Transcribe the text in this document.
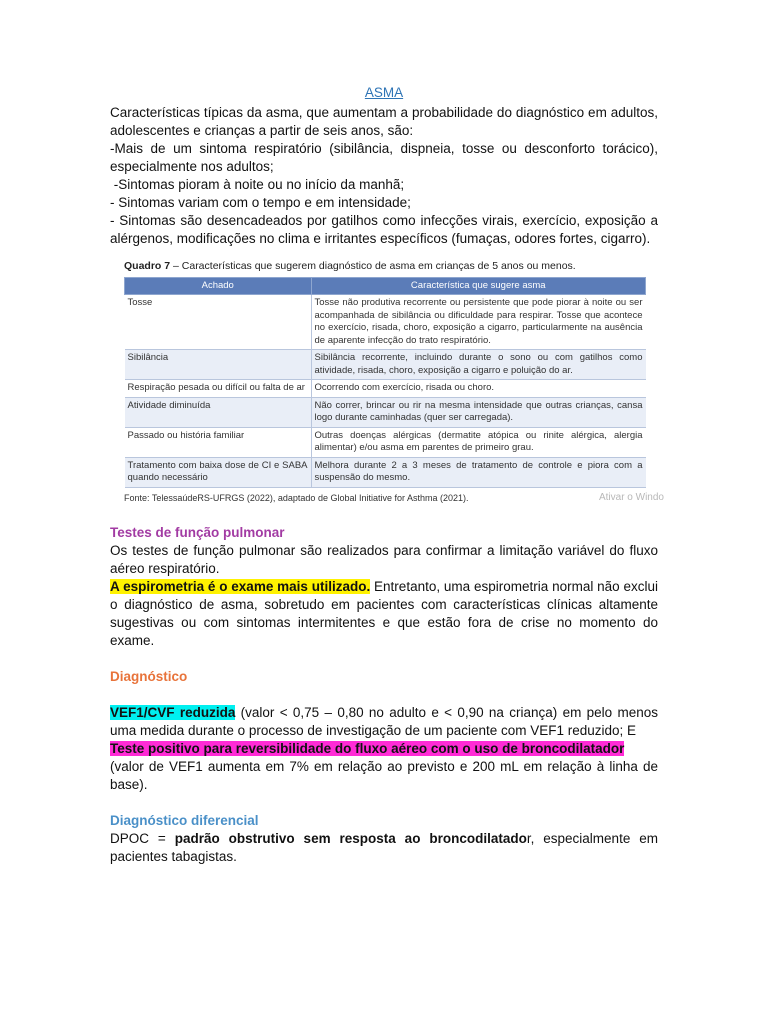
ASMA

Características típicas da asma, que aumentam a probabilidade do diagnóstico em adultos, adolescentes e crianças a partir de seis anos, são:

-Mais de um sintoma respiratório (sibilância, dispneia, tosse ou desconforto torácico), especialmente nos adultos;

-Sintomas pioram à noite ou no início da manhã;

- Sintomas variam com o tempo e em intensidade;

- Sintomas são desencadeados por gatilhos como infecções virais, exercício, exposição a alérgenos, modificações no clima e irritantes específicos (fumaças, odores fortes, cigarro).

Quadro 7 – Características que sugerem diagnóstico de asma em crianças de 5 anos ou menos.
Achado	Característica que sugere asma
Tosse	Tosse não produtiva recorrente ou persistente que pode piorar à noite ou ser acompanhada de sibilância ou dificuldade para respirar. Tosse que acontece no exercício, risada, choro, exposição a cigarro, particularmente na ausência de aparente infecção do trato respiratório.
Sibilância	Sibilância recorrente, incluindo durante o sono ou com gatilhos como atividade, risada, choro, exposição a cigarro e poluição do ar.
Respiração pesada ou difícil ou falta de ar	Ocorrendo com exercício, risada ou choro.
Atividade diminuída	Não correr, brincar ou rir na mesma intensidade que outras crianças, cansa logo durante caminhadas (quer ser carregada).
Passado ou história familiar	Outras doenças alérgicas (dermatite atópica ou rinite alérgica, alergia alimentar) e/ou asma em parentes de primeiro grau.
Tratamento com baixa dose de CI e SABA quando necessário	Melhora durante 2 a 3 meses de tratamento de controle e piora com a suspensão do mesmo.
Fonte: TelessaúdeRS-UFRGS (2022), adaptado de Global Initiative for Asthma (2021).	Ativar o Windo

Testes de função pulmonar

Os testes de função pulmonar são realizados para confirmar a limitação variável do fluxo aéreo respiratório.

A espirometria é o exame mais utilizado. Entretanto, uma espirometria normal não exclui o diagnóstico de asma, sobretudo em pacientes com características clínicas altamente sugestivas ou com sintomas intermitentes e que estão fora de crise no momento do exame.

Diagnóstico

VEF1/CVF reduzida (valor < 0,75 – 0,80 no adulto e < 0,90 na criança) em pelo menos uma medida durante o processo de investigação de um paciente com VEF1 reduzido; E

Teste positivo para reversibilidade do fluxo aéreo com o uso de broncodilatador

(valor de VEF1 aumenta em 7% em relação ao previsto e 200 mL em relação à linha de base).

Diagnóstico diferencial

DPOC = padrão obstrutivo sem resposta ao broncodilatador, especialmente em pacientes tabagistas.
